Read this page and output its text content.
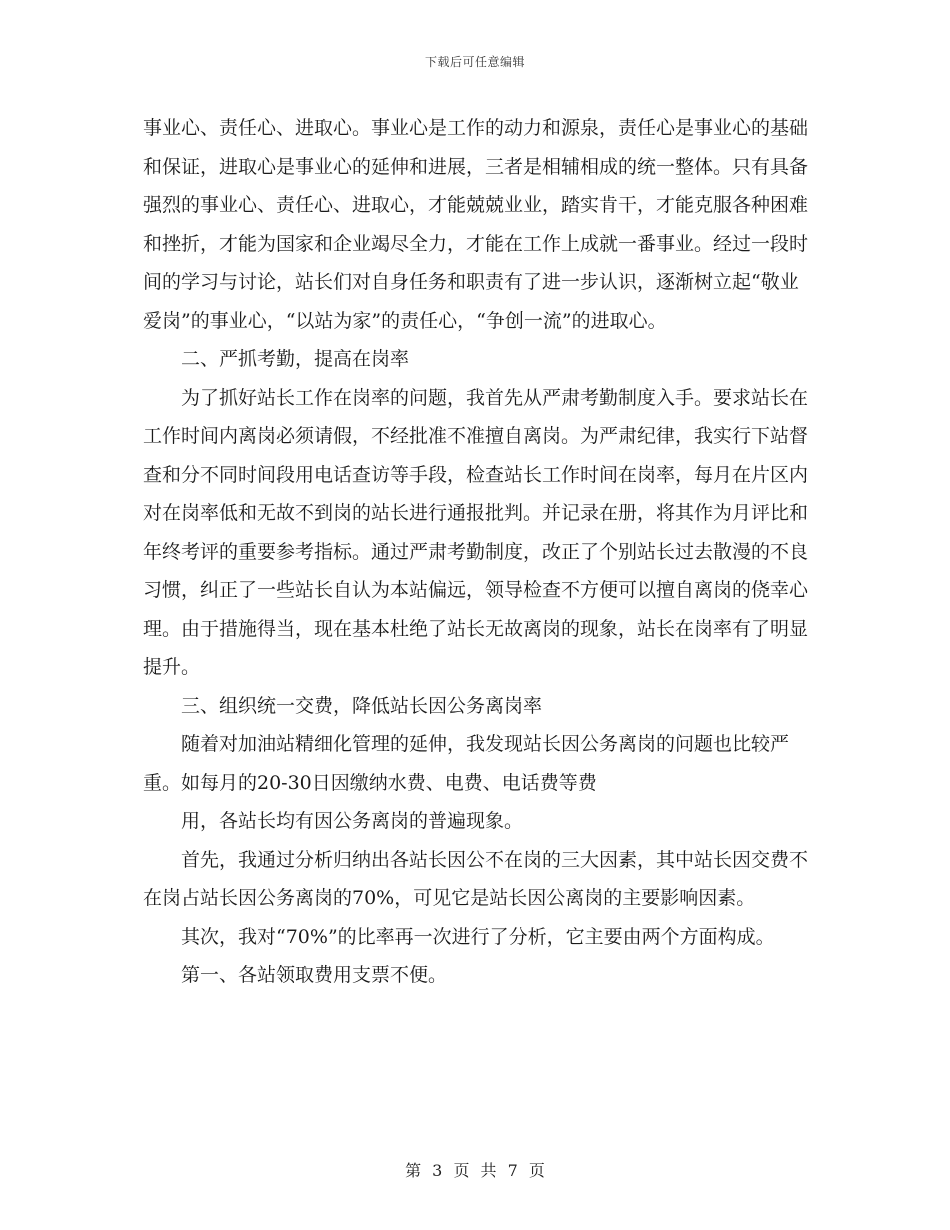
下载后可任意编辑

事业心、责任心、进取心。事业心是工作的动力和源泉，责任心是事业心的基础和保证，进取心是事业心的延伸和进展，三者是相辅相成的统一整体。只有具备强烈的事业心、责任心、进取心，才能兢兢业业，踏实肯干，才能克服各种困难和挫折，才能为国家和企业竭尽全力，才能在工作上成就一番事业。经过一段时间的学习与讨论，站长们对自身任务和职责有了进一步认识，逐渐树立起“敬业爱岗”的事业心，“以站为家”的责任心，“争创一流”的进取心。

二、严抓考勤，提高在岗率

为了抓好站长工作在岗率的问题，我首先从严肃考勤制度入手。要求站长在工作时间内离岗必须请假，不经批准不准擅自离岗。为严肃纪律，我实行下站督查和分不同时间段用电话查访等手段，检查站长工作时间在岗率，每月在片区内对在岗率低和无故不到岗的站长进行通报批判。并记录在册，将其作为月评比和年终考评的重要参考指标。通过严肃考勤制度，改正了个别站长过去散漫的不良习惯，纠正了一些站长自认为本站偏远，领导检查不方便可以擅自离岗的侥幸心理。由于措施得当，现在基本杜绝了站长无故离岗的现象，站长在岗率有了明显提升。

三、组织统一交费，降低站长因公务离岗率

随着对加油站精细化管理的延伸，我发现站长因公务离岗的问题也比较严重。如每月的20-30日因缴纳水费、电费、电话费等费

用，各站长均有因公务离岗的普遍现象。

首先，我通过分析归纳出各站长因公不在岗的三大因素，其中站长因交费不在岗占站长因公务离岗的70%，可见它是站长因公离岗的主要影响因素。

其次，我对“70%”的比率再一次进行了分析，它主要由两个方面构成。

第一、各站领取费用支票不便。

第 3 页 共 7 页
